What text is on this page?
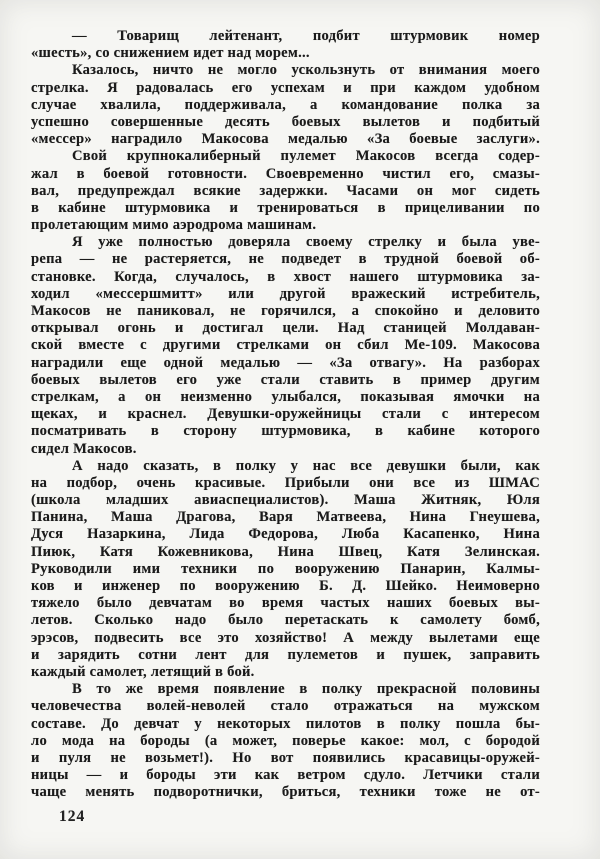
— Товарищ лейтенант, подбит штурмовик номер
«шесть», со снижением идет над морем...
Казалось, ничто не могло ускользнуть от внимания моего
стрелка. Я радовалась его успехам и при каждом удобном
случае хвалила, поддерживала, а командование полка за
успешно совершенные десять боевых вылетов и подбитый
«мессер» наградило Макосова медалью «За боевые заслуги».
Свой крупнокалиберный пулемет Макосов всегда содер-
жал в боевой готовности. Своевременно чистил его, смазы-
вал, предупреждал всякие задержки. Часами он мог сидеть
в кабине штурмовика и тренироваться в прицеливании по
пролетающим мимо аэродрома машинам.
Я уже полностью доверяла своему стрелку и была уве-
репа — не растеряется, не подведет в трудной боевой об-
становке. Когда, случалось, в хвост нашего штурмовика за-
ходил «мессершмитт» или другой вражеский истребитель,
Макосов не паниковал, не горячился, а спокойно и деловито
открывал огонь и достигал цели. Над станицей Молдаван-
ской вместе с другими стрелками он сбил Ме-109. Макосова
наградили еще одной медалью — «За отвагу». На разборах
боевых вылетов его уже стали ставить в пример другим
стрелкам, а он неизменно улыбался, показывая ямочки на
щеках, и краснел. Девушки-оружейницы стали с интересом
посматривать в сторону штурмовика, в кабине которого
сидел Макосов.
А надо сказать, в полку у нас все девушки были, как
на подбор, очень красивые. Прибыли они все из ШМАС
(школа младших авиаспециалистов). Маша Житняк, Юля
Панина, Маша Драгова, Варя Матвеева, Нина Гнеушева,
Дуся Назаркина, Лида Федорова, Люба Касапенко, Нина
Пиюк, Катя Кожевникова, Нина Швец, Катя Зелинская.
Руководили ими техники по вооружению Панарин, Калмы-
ков и инженер по вооружению Б. Д. Шейко. Неимоверно
тяжело было девчатам во время частых наших боевых вы-
летов. Сколько надо было перетаскать к самолету бомб,
эрэсов, подвесить все это хозяйство! А между вылетами еще
и зарядить сотни лент для пулеметов и пушек, заправить
каждый самолет, летящий в бой.
В то же время появление в полку прекрасной половины
человечества волей-неволей стало отражаться на мужском
составе. До девчат у некоторых пилотов в полку пошла бы-
ло мода на бороды (а может, поверье какое: мол, с бородой
и пуля не возьмет!). Но вот появились красавицы-оружей-
ницы — и бороды эти как ветром сдуло. Летчики стали
чаще менять подворотнички, бриться, техники тоже не от-
124
